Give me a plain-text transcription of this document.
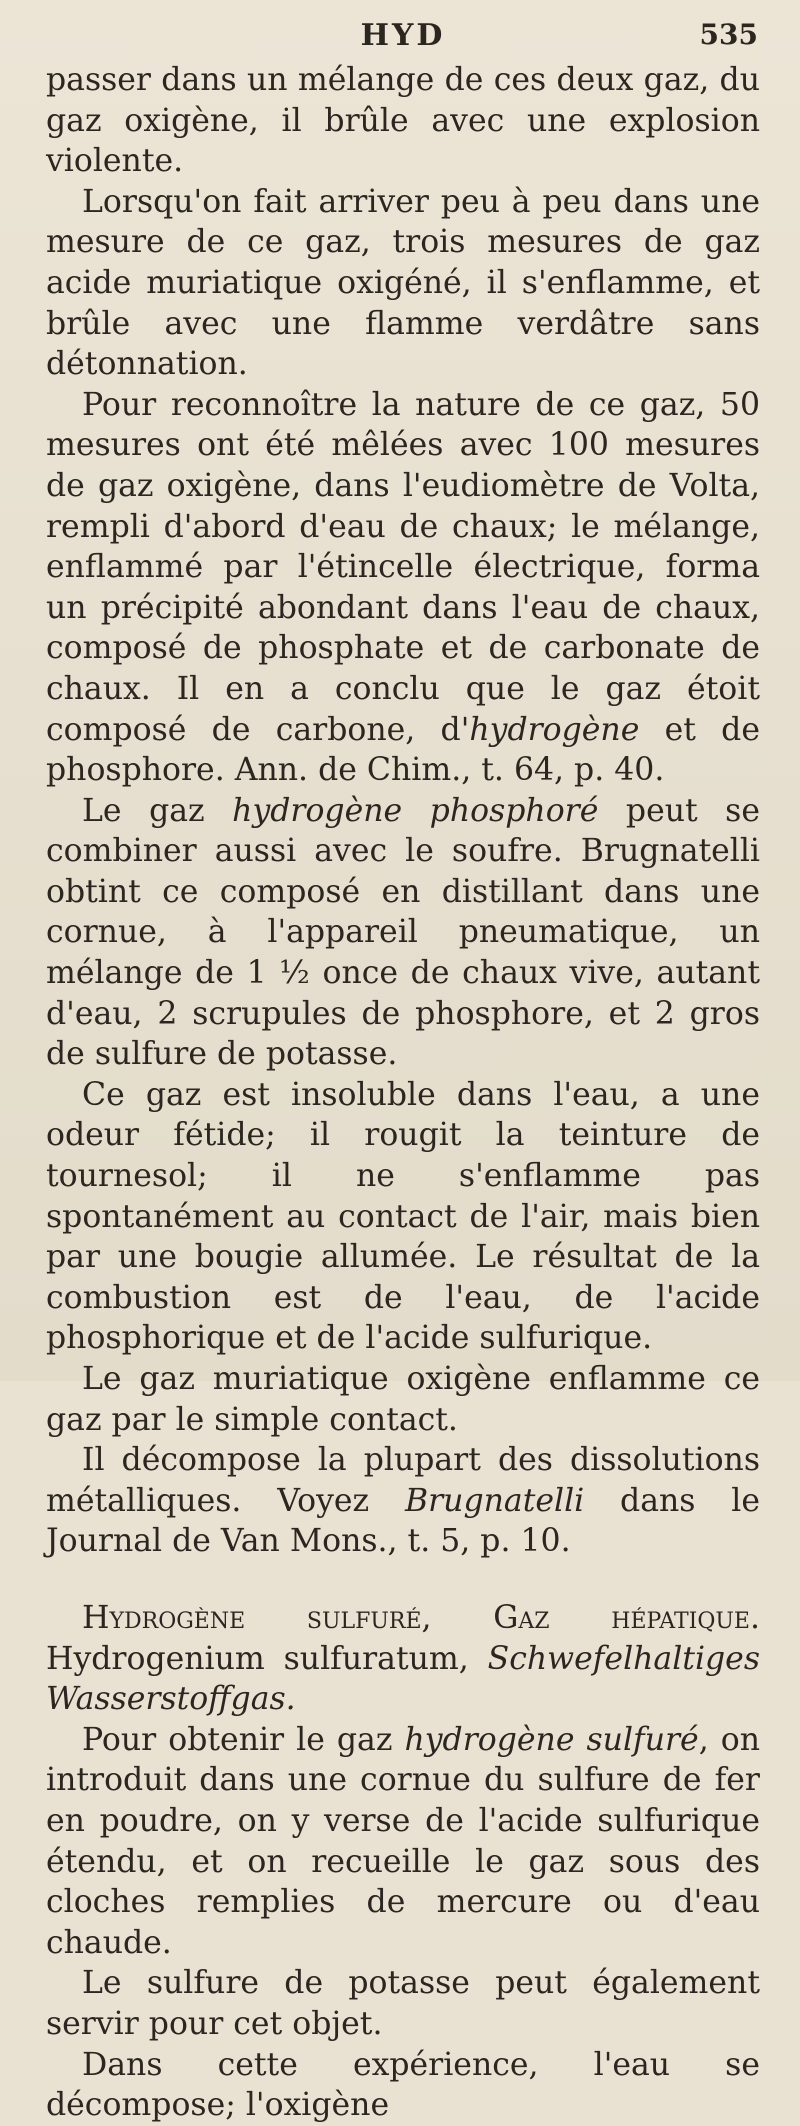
HYD	535

passer dans un mélange de ces deux gaz, du gaz oxigène, il brûle avec une explosion violente.

Lorsqu'on fait arriver peu à peu dans une mesure de ce gaz, trois mesures de gaz acide muriatique oxigéné, il s'enflamme, et brûle avec une flamme verdâtre sans détonnation.

Pour reconnoître la nature de ce gaz, 50 mesures ont été mêlées avec 100 mesures de gaz oxigène, dans l'eudiomètre de Volta, rempli d'abord d'eau de chaux; le mélange, enflammé par l'étincelle électrique, forma un précipité abondant dans l'eau de chaux, composé de phosphate et de carbonate de chaux. Il en a conclu que le gaz étoit composé de carbone, d'hydrogène et de phosphore. Ann. de Chim., t. 64, p. 40.

Le gaz hydrogène phosphoré peut se combiner aussi avec le soufre. Brugnatelli obtint ce composé en distillant dans une cornue, à l'appareil pneumatique, un mélange de 1 ½ once de chaux vive, autant d'eau, 2 scrupules de phosphore, et 2 gros de sulfure de potasse.

Ce gaz est insoluble dans l'eau, a une odeur fétide; il rougit la teinture de tournesol; il ne s'enflamme pas spontanément au contact de l'air, mais bien par une bougie allumée. Le résultat de la combustion est de l'eau, de l'acide phosphorique et de l'acide sulfurique.

Le gaz muriatique oxigène enflamme ce gaz par le simple contact.

Il décompose la plupart des dissolutions métalliques. Voyez Brugnatelli dans le Journal de Van Mons., t. 5, p. 10.

Hydrogène sulfuré, Gaz hépatique. Hydrogenium sulfuratum, Schwefelhaltiges Wasserstoffgas.

Pour obtenir le gaz hydrogène sulfuré, on introduit dans une cornue du sulfure de fer en poudre, on y verse de l'acide sulfurique étendu, et on recueille le gaz sous des cloches remplies de mercure ou d'eau chaude.

Le sulfure de potasse peut également servir pour cet objet.

Dans cette expérience, l'eau se décompose; l'oxigène
